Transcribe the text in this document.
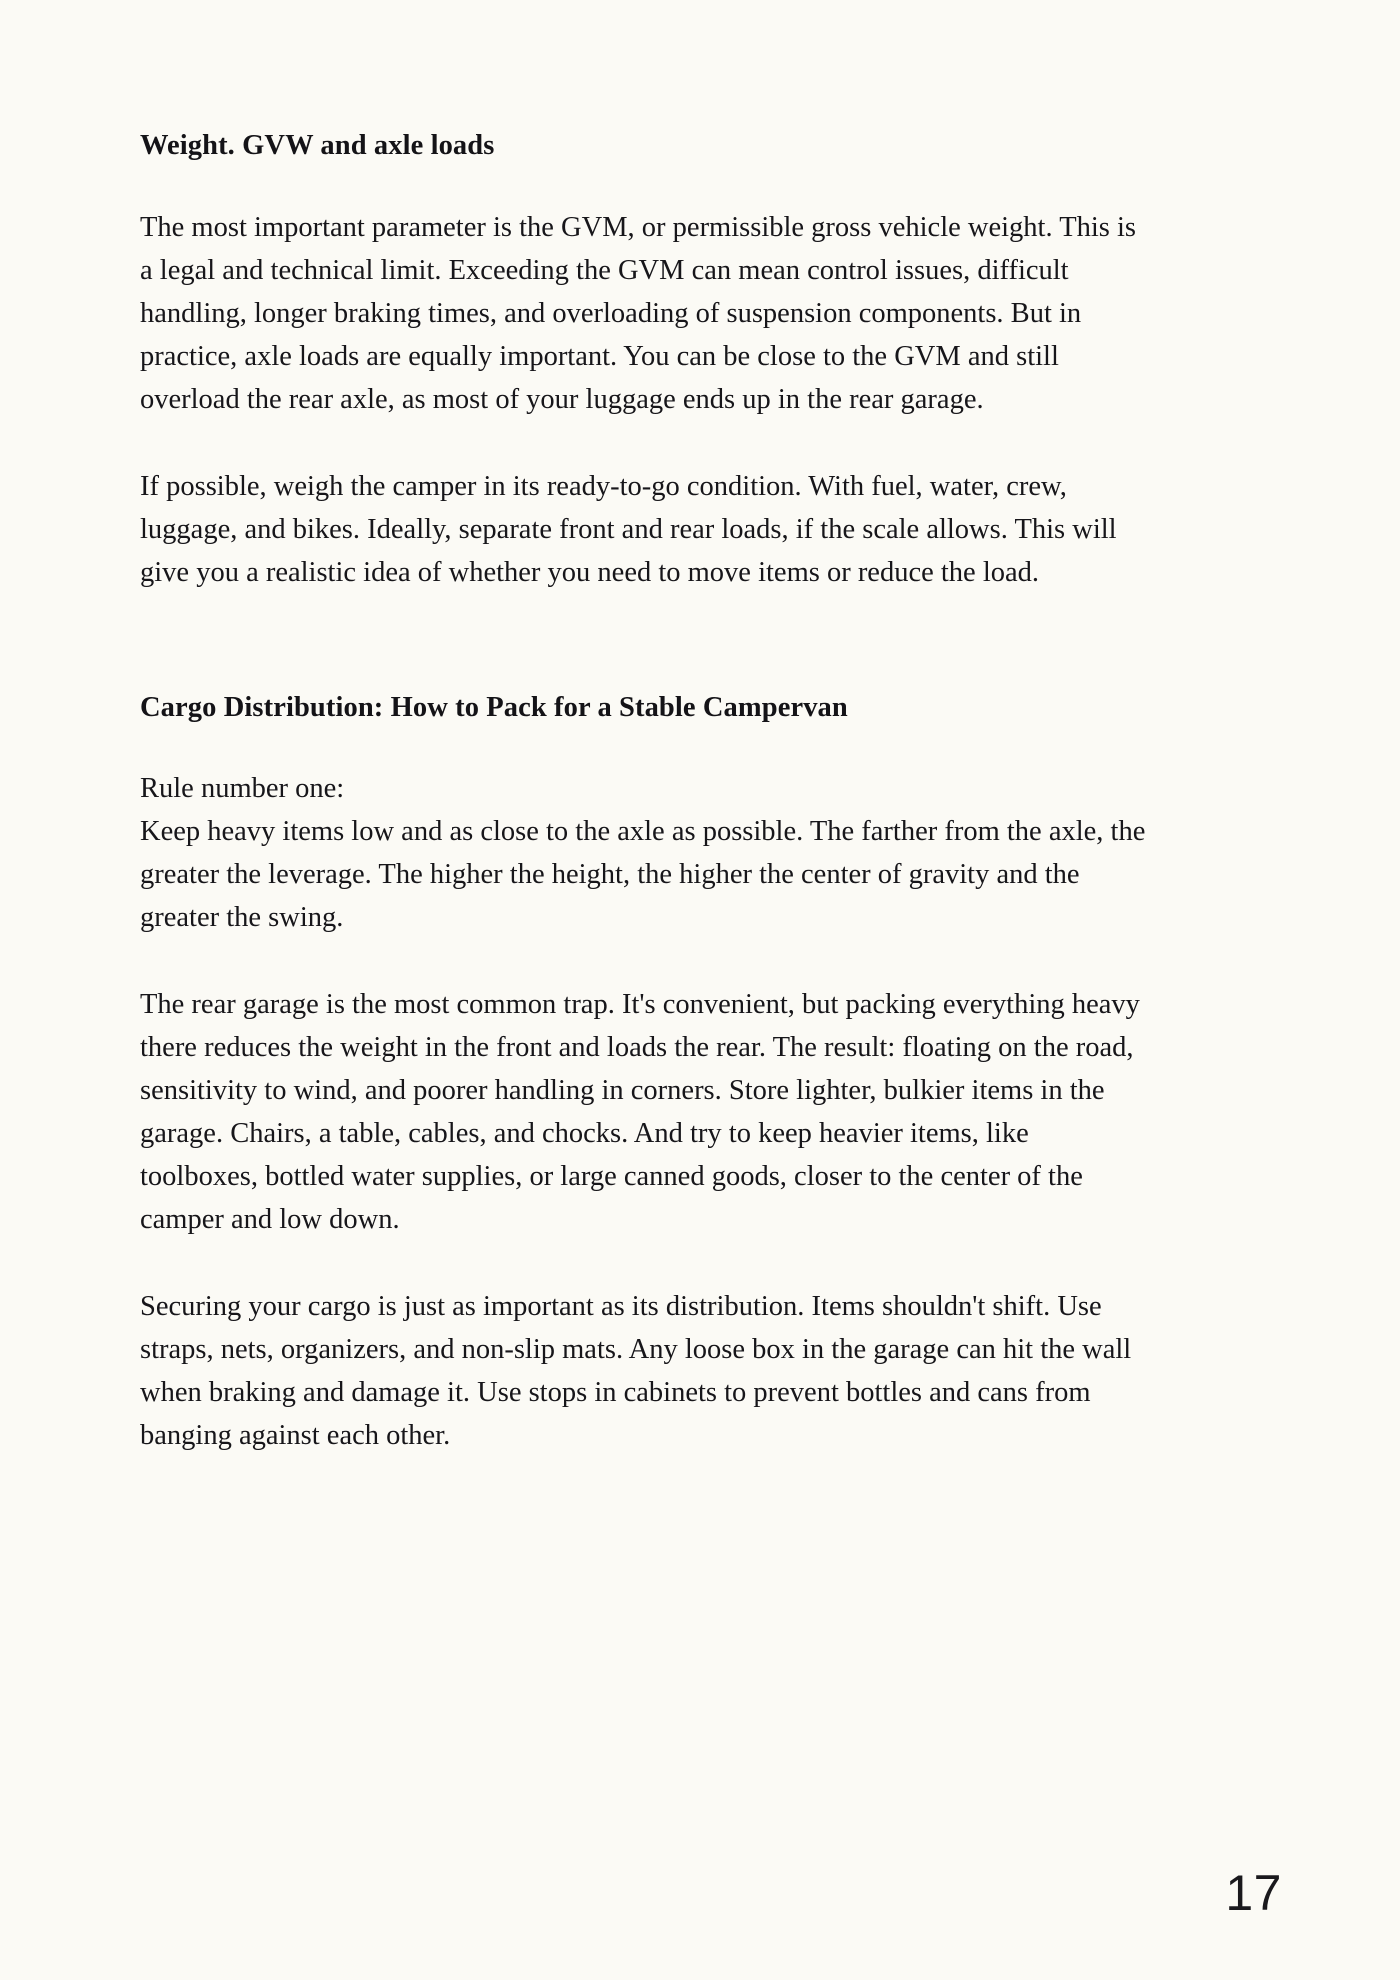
Weight. GVW and axle loads

The most important parameter is the GVM, or permissible gross vehicle weight. This is a legal and technical limit. Exceeding the GVM can mean control issues, difficult handling, longer braking times, and overloading of suspension components. But in practice, axle loads are equally important. You can be close to the GVM and still overload the rear axle, as most of your luggage ends up in the rear garage.

If possible, weigh the camper in its ready-to-go condition. With fuel, water, crew, luggage, and bikes. Ideally, separate front and rear loads, if the scale allows. This will give you a realistic idea of whether you need to move items or reduce the load.

Cargo Distribution: How to Pack for a Stable Campervan

Rule number one:

Keep heavy items low and as close to the axle as possible. The farther from the axle, the greater the leverage. The higher the height, the higher the center of gravity and the greater the swing.

The rear garage is the most common trap. It's convenient, but packing everything heavy there reduces the weight in the front and loads the rear. The result: floating on the road, sensitivity to wind, and poorer handling in corners. Store lighter, bulkier items in the garage. Chairs, a table, cables, and chocks. And try to keep heavier items, like toolboxes, bottled water supplies, or large canned goods, closer to the center of the camper and low down.

Securing your cargo is just as important as its distribution. Items shouldn't shift. Use straps, nets, organizers, and non-slip mats. Any loose box in the garage can hit the wall when braking and damage it. Use stops in cabinets to prevent bottles and cans from banging against each other.

17
